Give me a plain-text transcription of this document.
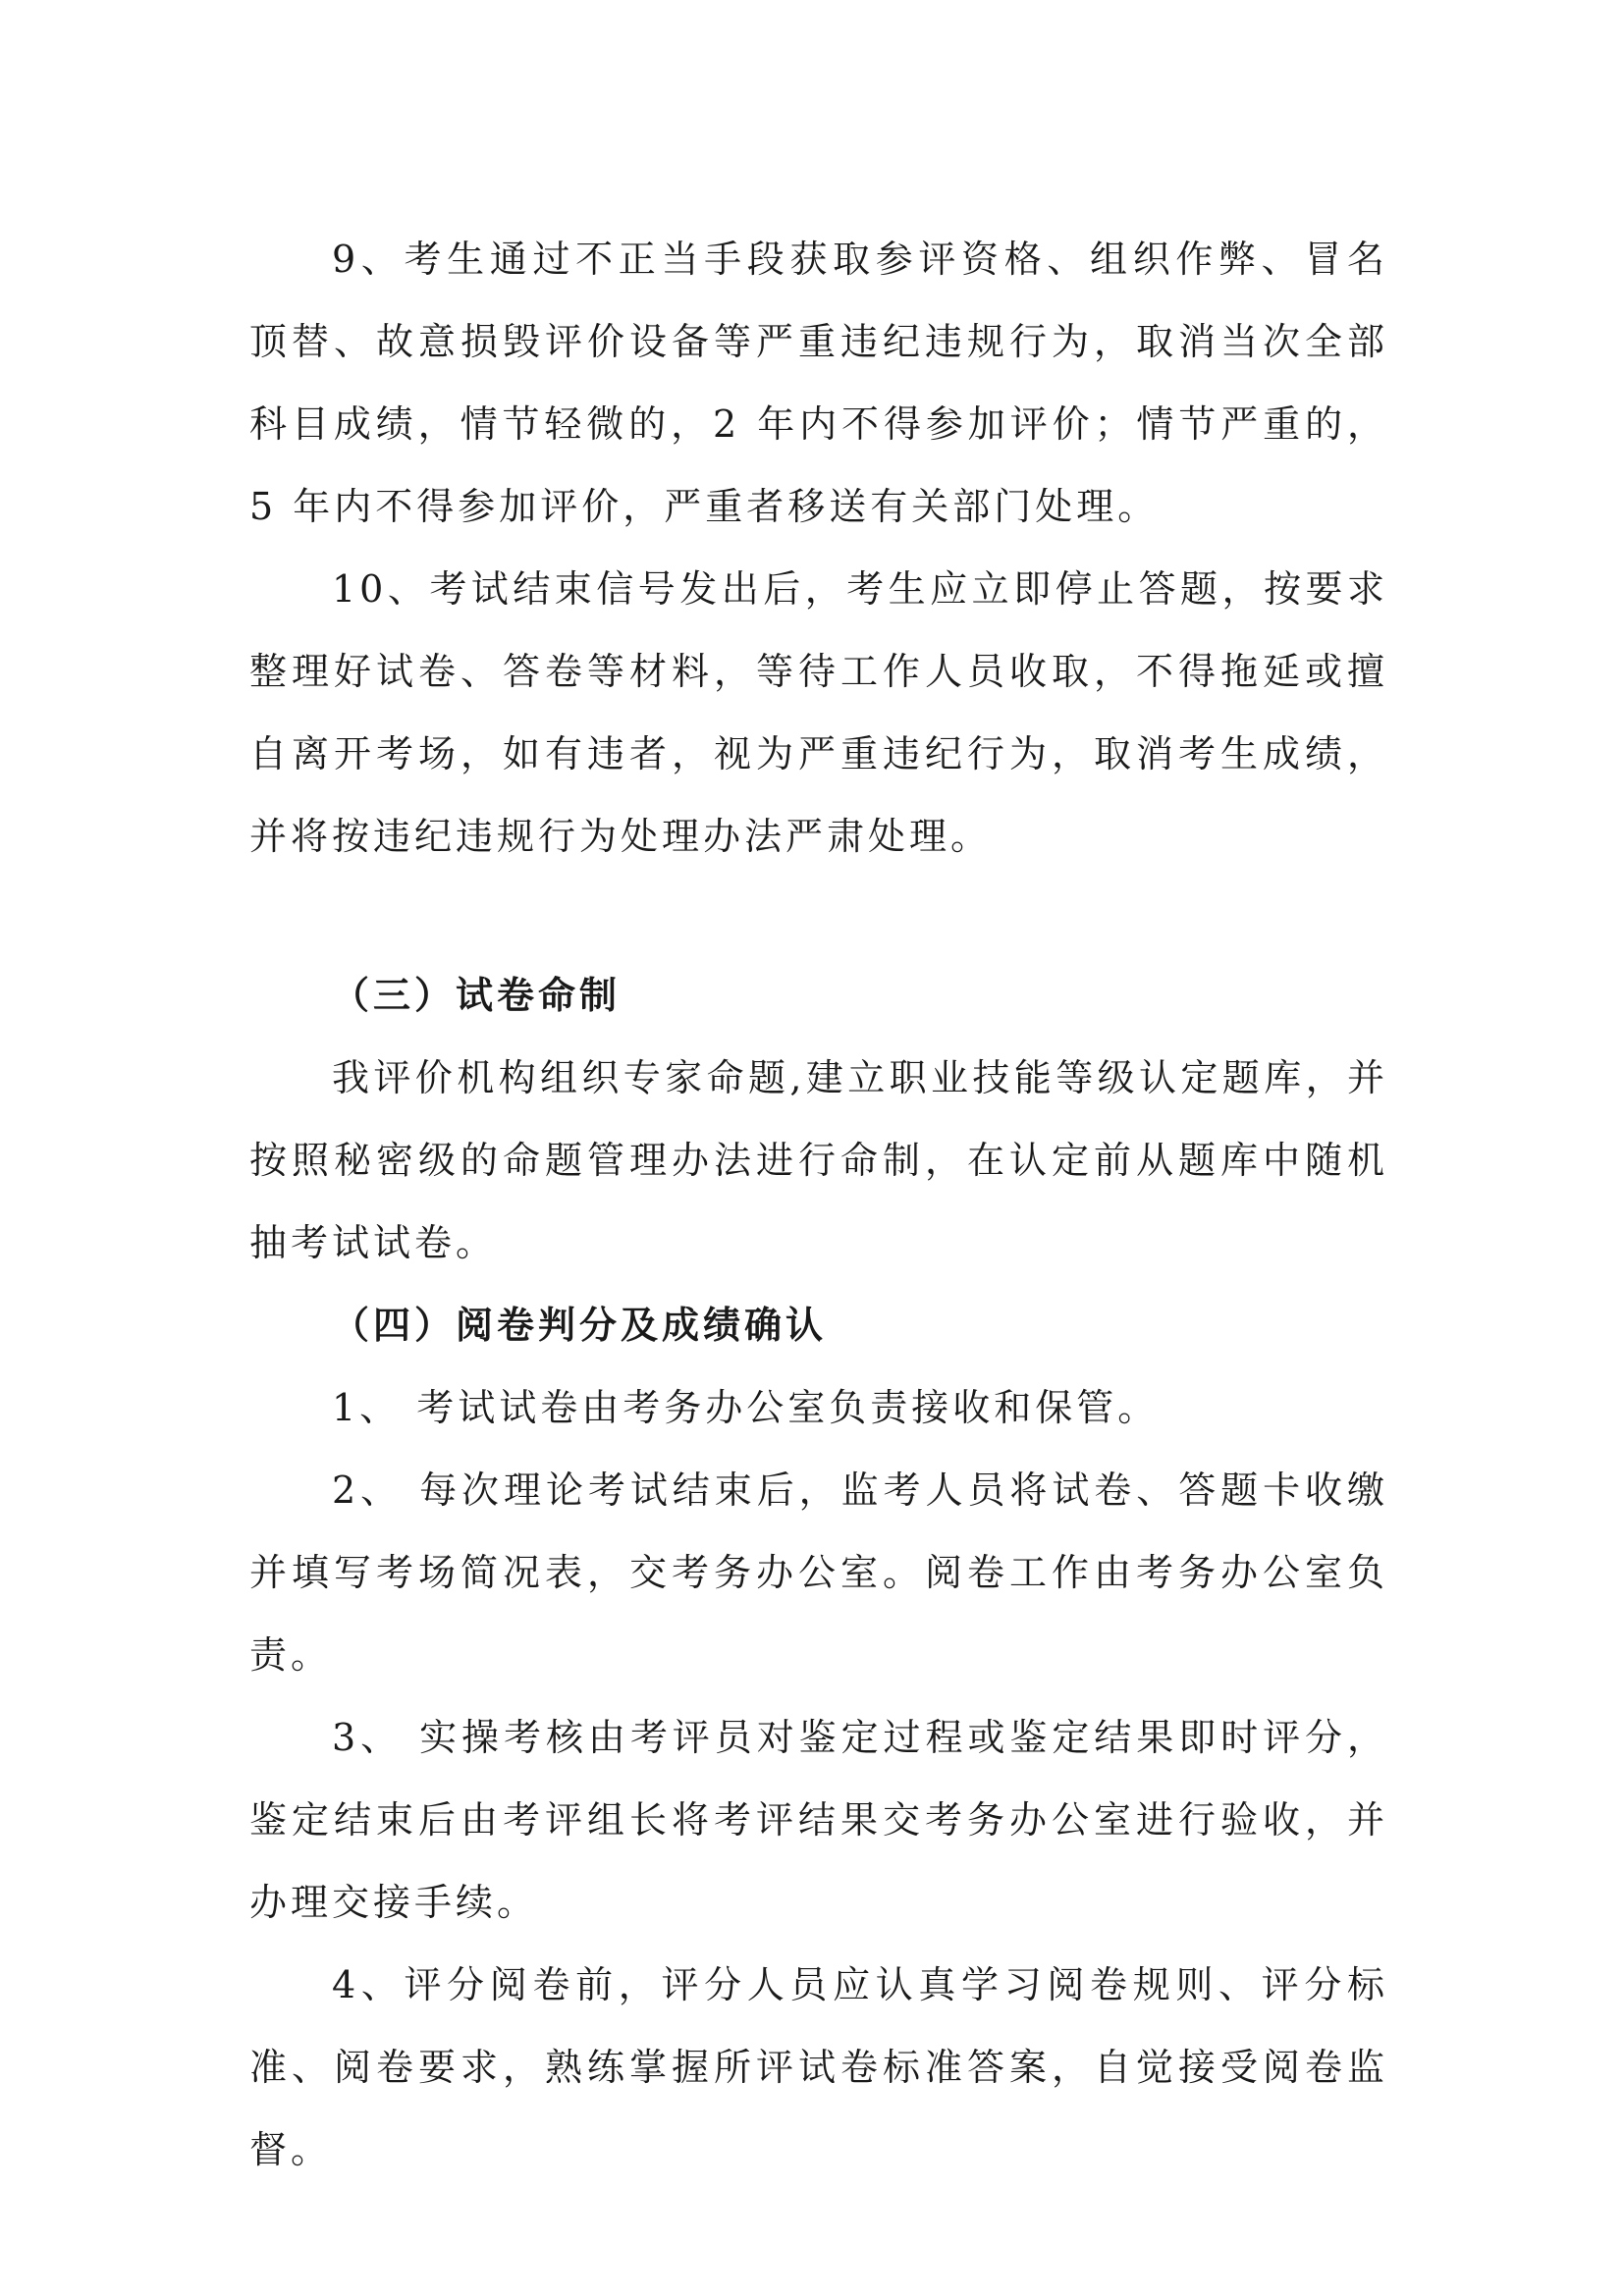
9、考生通过不正当手段获取参评资格、组织作弊、冒名顶替、故意损毁评价设备等严重违纪违规行为，取消当次全部科目成绩，情节轻微的，2 年内不得参加评价；情节严重的，5 年内不得参加评价，严重者移送有关部门处理。

10、考试结束信号发出后，考生应立即停止答题，按要求整理好试卷、答卷等材料，等待工作人员收取，不得拖延或擅自离开考场，如有违者，视为严重违纪行为，取消考生成绩，并将按违纪违规行为处理办法严肃处理。

（三）试卷命制

我评价机构组织专家命题,建立职业技能等级认定题库，并按照秘密级的命题管理办法进行命制，在认定前从题库中随机抽考试试卷。

（四）阅卷判分及成绩确认

1、 考试试卷由考务办公室负责接收和保管。

2、 每次理论考试结束后，监考人员将试卷、答题卡收缴并填写考场简况表，交考务办公室。阅卷工作由考务办公室负责。

3、 实操考核由考评员对鉴定过程或鉴定结果即时评分，鉴定结束后由考评组长将考评结果交考务办公室进行验收，并办理交接手续。

4、评分阅卷前，评分人员应认真学习阅卷规则、评分标准、阅卷要求，熟练掌握所评试卷标准答案，自觉接受阅卷监督。
